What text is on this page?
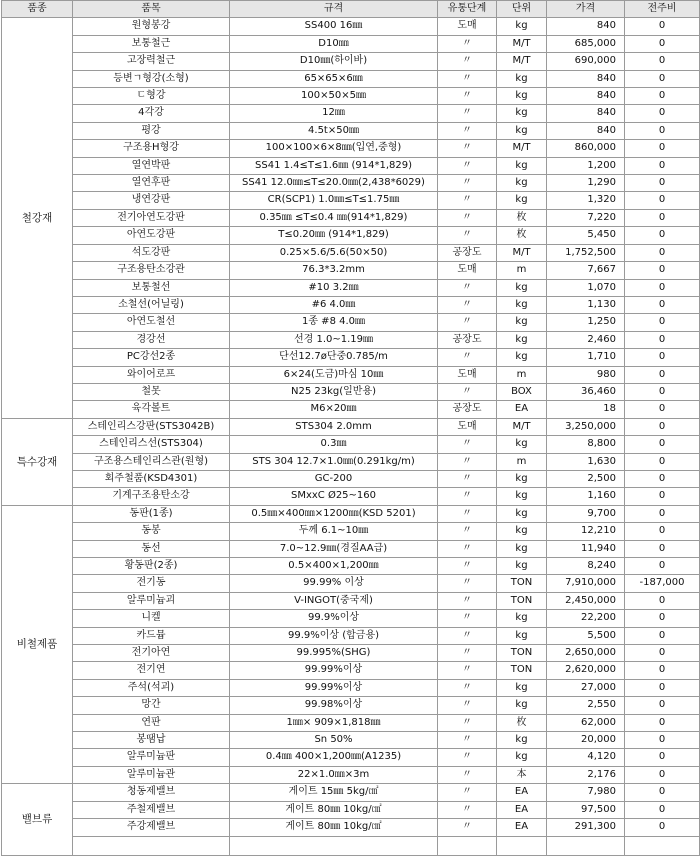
품종	품목	규격	유통단계	단위	가격	전주비
철강재	원형봉강	SS400 16㎜	도매	kg	840	0
	보통철근	D10㎜	〃	M/T	685,000	0
	고장력철근	D10㎜(하이바)	〃	M/T	690,000	0
	등변ㄱ형강(소형)	65×65×6㎜	〃	kg	840	0
	ㄷ형강	100×50×5㎜	〃	kg	840	0
	4각강	12㎜	〃	kg	840	0
	평강	4.5t×50㎜	〃	kg	840	0
	구조용H형강	100×100×6×8㎜(입연,중형)	〃	M/T	860,000	0
	열연박판	SS41 1.4≤T≤1.6㎜ (914*1,829)	〃	kg	1,200	0
	열연후판	SS41 12.0㎜≤T≤20.0㎜(2,438*6029)	〃	kg	1,290	0
	냉연강판	CR(SCP1) 1.0㎜≤T≤1.75㎜	〃	kg	1,320	0
	전기아연도강판	0.35㎜ ≤T≤0.4 ㎜(914*1,829)	〃	枚	7,220	0
	아연도강판	T≤0.20㎜ (914*1,829)	〃	枚	5,450	0
	석도강판	0.25×5.6/5.6(50×50)	공장도	M/T	1,752,500	0
	구조용탄소강관	76.3*3.2mm	도매	m	7,667	0
	보통철선	#10 3.2㎜	〃	kg	1,070	0
	소철선(어닐링)	#6 4.0㎜	〃	kg	1,130	0
	아연도철선	1종 #8 4.0㎜	〃	kg	1,250	0
	경강선	선경 1.0~1.19㎜	공장도	kg	2,460	0
	PC강선2종	단선12.7ø단중0.785/m	〃	kg	1,710	0
	와이어로프	6×24(도금)마심 10㎜	도매	m	980	0
	철못	N25 23kg(일반용)	〃	BOX	36,460	0
	육각볼트	M6×20㎜	공장도	EA	18	0
특수강재	스테인리스강판(STS3042B)	STS304 2.0mm	도매	M/T	3,250,000	0
	스테인리스선(STS304)	0.3㎜	〃	kg	8,800	0
	구조용스테인리스관(원형)	STS 304 12.7×1.0㎜(0.291kg/m)	〃	m	1,630	0
	회주철품(KSD4301)	GC-200	〃	kg	2,500	0
	기계구조용탄소강	SMxxC Ø25~160	〃	kg	1,160	0
비철제품	동판(1종)	0.5㎜×400㎜×1200㎜(KSD 5201)	〃	kg	9,700	0
	동봉	두께 6.1~10㎜	〃	kg	12,210	0
	동선	7.0~12.9㎜(경질AA급)	〃	kg	11,940	0
	황동판(2종)	0.5×400×1,200㎜	〃	kg	8,240	0
	전기동	99.99% 이상	〃	TON	7,910,000	-187,000
	알루미늄괴	V-INGOT(중국제)	〃	TON	2,450,000	0
	니켈	99.9%이상	〃	kg	22,200	0
	카드뮴	99.9%이상 (합금용)	〃	kg	5,500	0
	전기아연	99.995%(SHG)	〃	TON	2,650,000	0
	전기연	99.99%이상	〃	TON	2,620,000	0
	주석(석괴)	99.99%이상	〃	kg	27,000	0
	망간	99.98%이상	〃	kg	2,550	0
	연판	1㎜× 909×1,818㎜	〃	枚	62,000	0
	봉땜납	Sn 50%	〃	kg	20,000	0
	알루미늄판	0.4㎜ 400×1,200㎜(A1235)	〃	kg	4,120	0
	알루미늄관	22×1.0㎜×3m	〃	本	2,176	0
밸브류	청동제밸브	게이트 15㎜ 5kg/㎠	〃	EA	7,980	0
	주철제밸브	게이트 80㎜ 10kg/㎠	〃	EA	97,500	0
	주강제밸브	게이트 80㎜ 10kg/㎠	〃	EA	291,300	0
